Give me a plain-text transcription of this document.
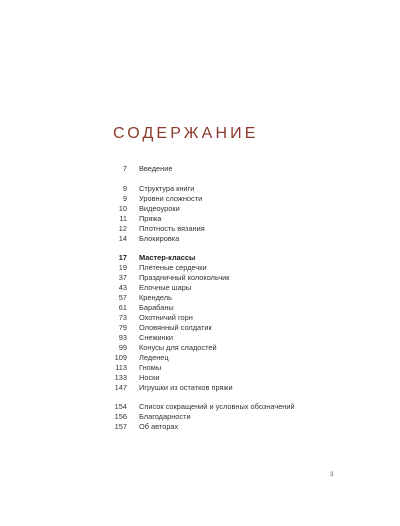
СОДЕРЖАНИЕ
7 Введение
9 Структура книги
9 Уровни сложности
10 Видеоуроки
11 Пряжа
12 Плотность вязания
14 Блокировка
17 Мастер-классы
19 Плетеные сердечки
37 Праздничный колокольчик
43 Елочные шары
57 Крендель
61 Барабаны
73 Охотничий горн
79 Оловянный солдатик
93 Снежинки
99 Конусы для сладостей
109 Леденец
113 Гномы
133 Носки
147 Игрушки из остатков пряжи
154 Список сокращений и условных обозначений
156 Благодарности
157 Об авторах
3
